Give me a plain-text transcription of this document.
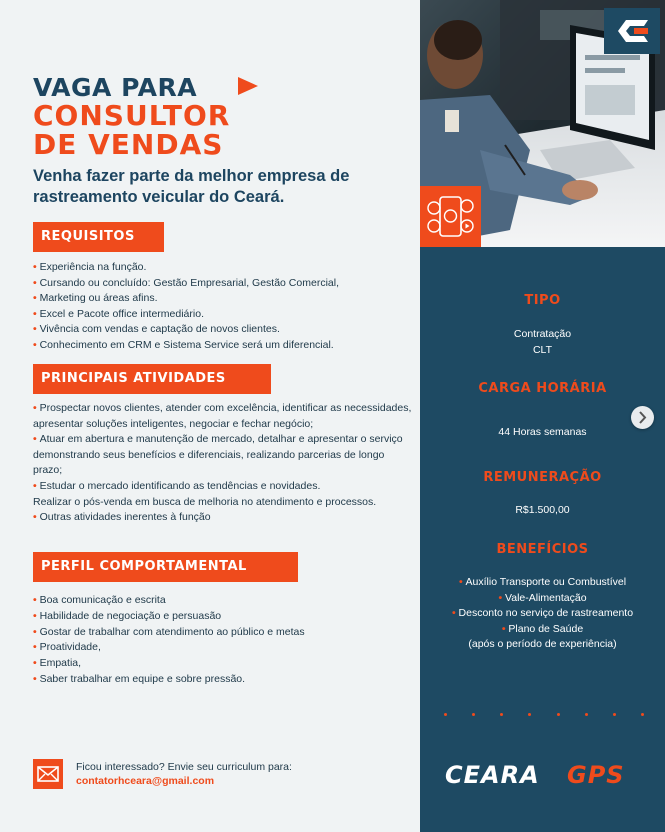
VAGA PARA
CONSULTOR
DE VENDAS
Venha fazer parte da melhor empresa de rastreamento veicular do Ceará.
REQUISITOS
• Experiência na função.
• Cursando ou concluído: Gestão Empresarial, Gestão Comercial,
• Marketing ou áreas afins.
• Excel e Pacote office intermediário.
• Vivência com vendas e captação de novos clientes.
• Conhecimento em CRM e Sistema Service será um diferencial.
PRINCIPAIS ATIVIDADES
• Prospectar novos clientes, atender com excelência, identificar as necessidades, apresentar soluções inteligentes, negociar e fechar negócio;
• Atuar em abertura e manutenção de mercado, detalhar e apresentar o serviço demonstrando seus benefícios e diferenciais, realizando parcerias de longo prazo;
• Estudar o mercado identificando as tendências e novidades.
Realizar o pós-venda em busca de melhoria no atendimento e processos.
• Outras atividades inerentes à função
PERFIL COMPORTAMENTAL
• Boa comunicação e escrita
• Habilidade de negociação e persuasão
• Gostar de trabalhar com atendimento ao público e metas
• Proatividade,
• Empatia,
• Saber trabalhar em equipe e sobre pressão.
Ficou interessado? Envie seu curriculum para:
contatorhceara@gmail.com
TIPO
Contratação
CLT
CARGA HORÁRIA
44 Horas semanas
REMUNERAÇÃO
R$1.500,00
BENEFÍCIOS
• Auxílio Transporte ou Combustível
• Vale-Alimentação
• Desconto no serviço de rastreamento
• Plano de Saúde
(após o período de experiência)
CEARA GPS
